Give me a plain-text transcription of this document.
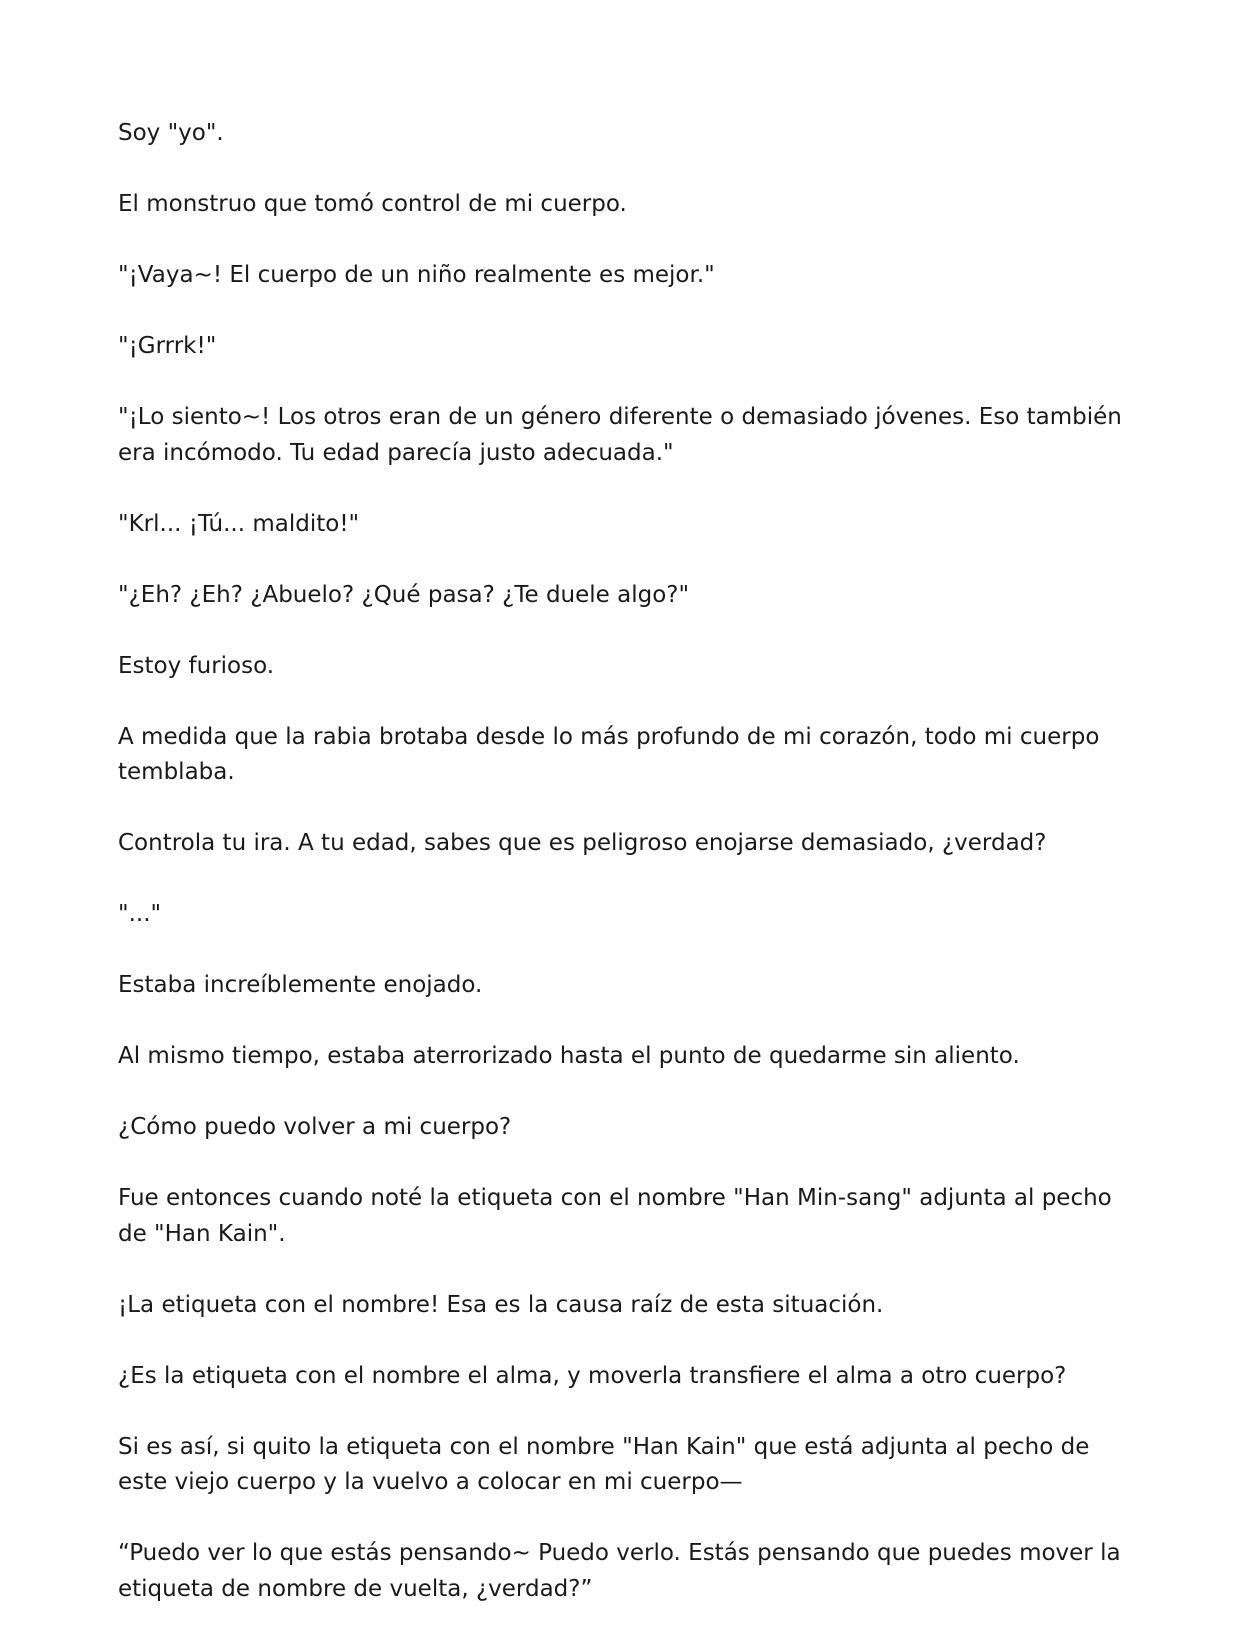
Soy "yo".

El monstruo que tomó control de mi cuerpo.

"¡Vaya~! El cuerpo de un niño realmente es mejor."

"¡Grrrk!"

"¡Lo siento~! Los otros eran de un género diferente o demasiado jóvenes. Eso también era incómodo. Tu edad parecía justo adecuada."

"Krl... ¡Tú... maldito!"

"¿Eh? ¿Eh? ¿Abuelo? ¿Qué pasa? ¿Te duele algo?"

Estoy furioso.

A medida que la rabia brotaba desde lo más profundo de mi corazón, todo mi cuerpo temblaba.

Controla tu ira. A tu edad, sabes que es peligroso enojarse demasiado, ¿verdad?

"..."

Estaba increíblemente enojado.

Al mismo tiempo, estaba aterrorizado hasta el punto de quedarme sin aliento.

¿Cómo puedo volver a mi cuerpo?

Fue entonces cuando noté la etiqueta con el nombre "Han Min-sang" adjunta al pecho de "Han Kain".

¡La etiqueta con el nombre! Esa es la causa raíz de esta situación.

¿Es la etiqueta con el nombre el alma, y moverla transfiere el alma a otro cuerpo?

Si es así, si quito la etiqueta con el nombre "Han Kain" que está adjunta al pecho de este viejo cuerpo y la vuelvo a colocar en mi cuerpo—

“Puedo ver lo que estás pensando~ Puedo verlo. Estás pensando que puedes mover la etiqueta de nombre de vuelta, ¿verdad?”
